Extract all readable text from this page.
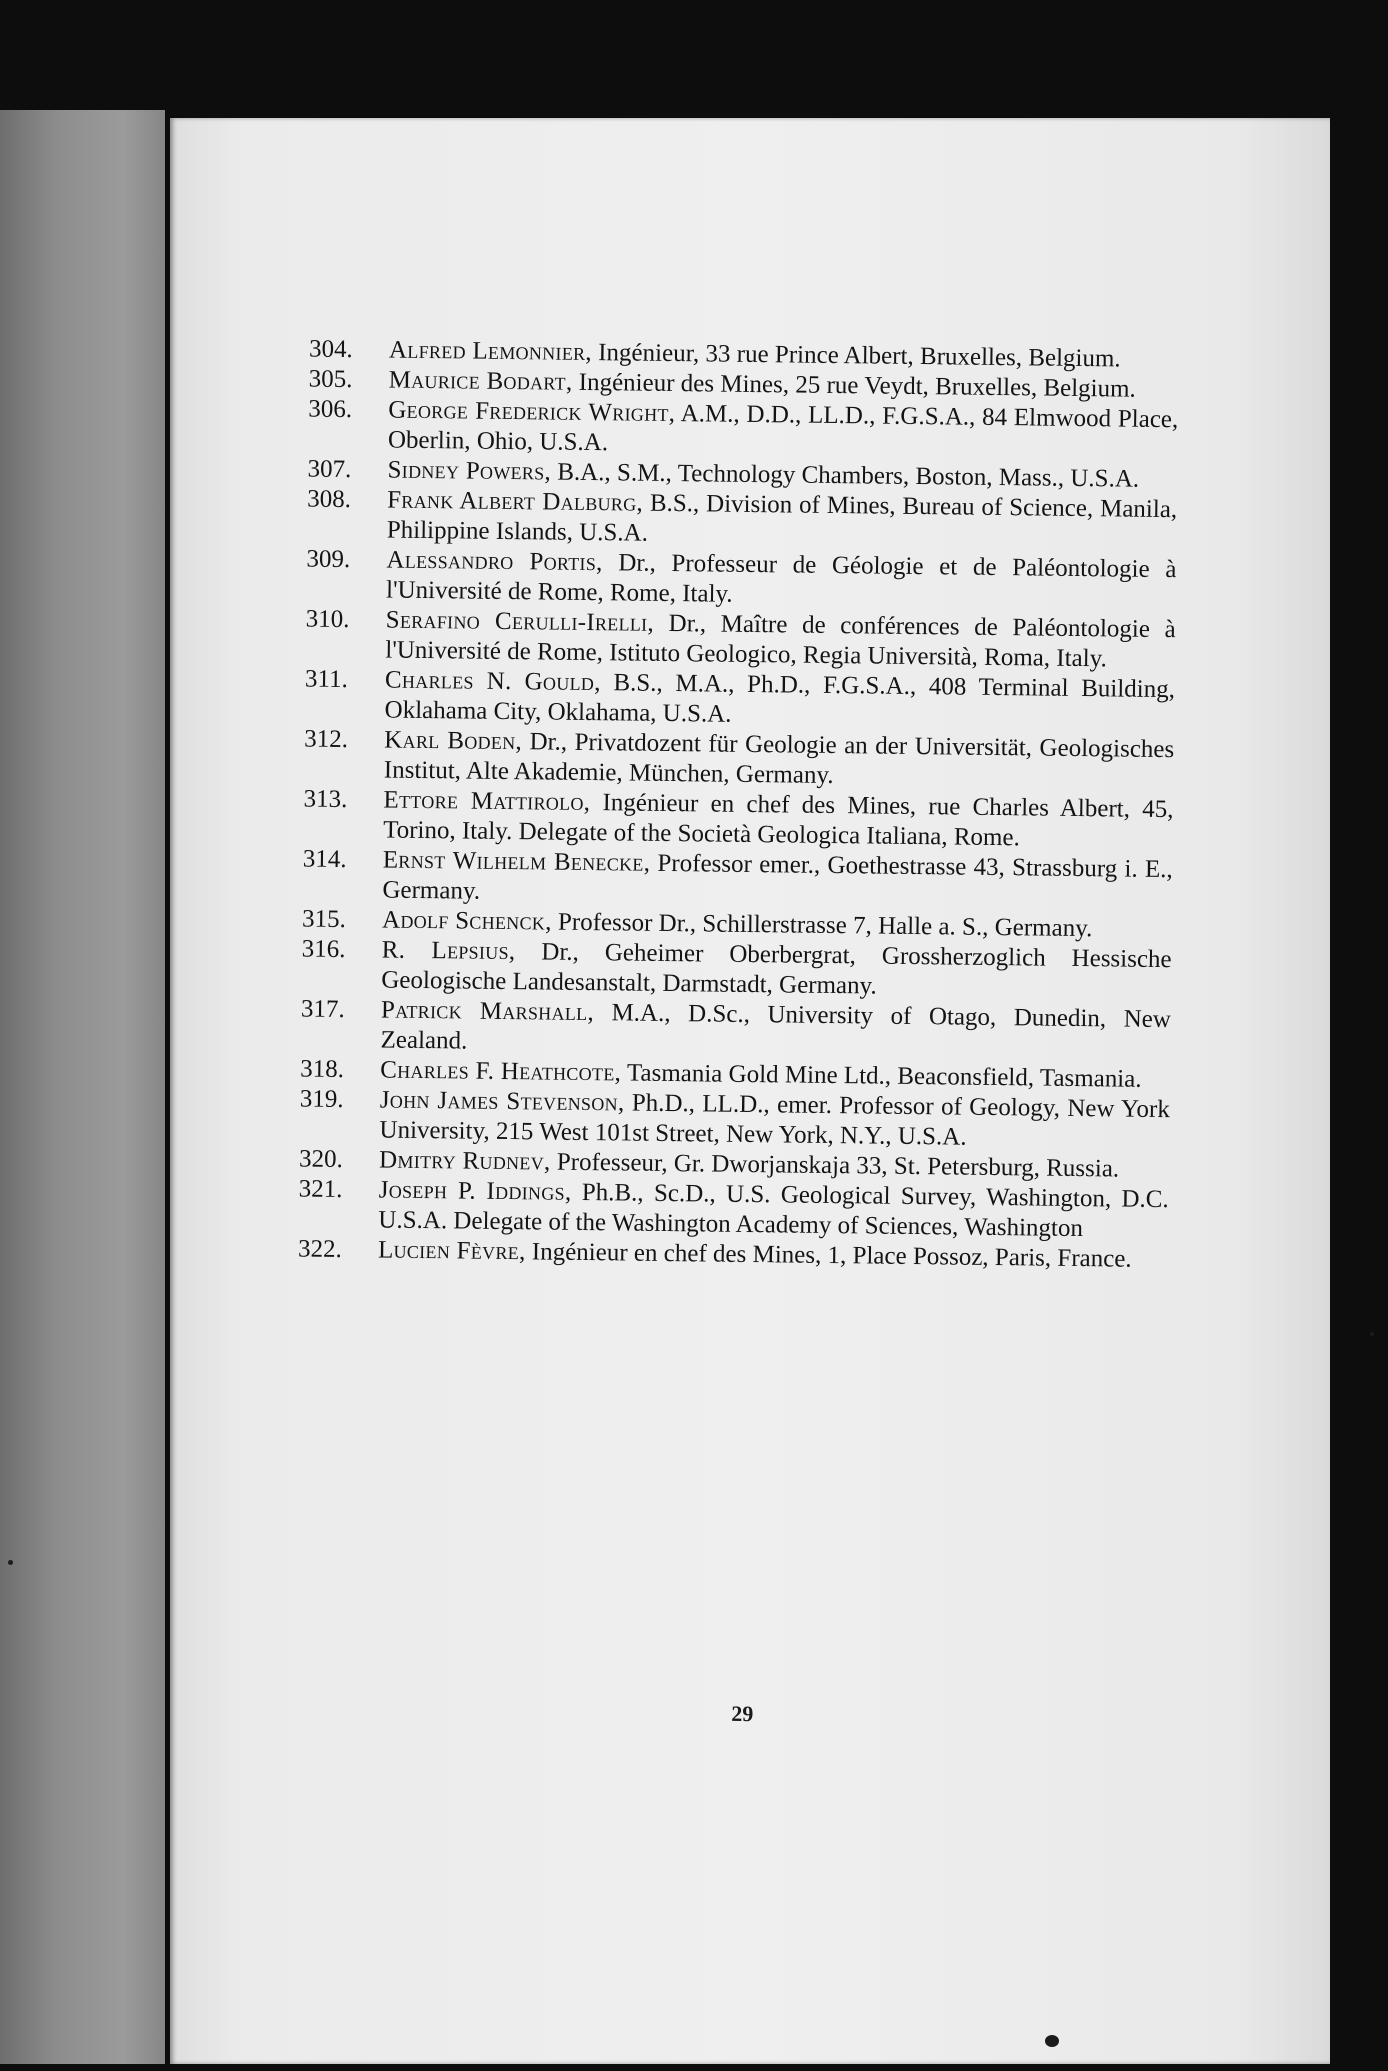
304.	Alfred Lemonnier, Ingénieur, 33 rue Prince Albert, Bruxelles, Belgium.
305.	Maurice Bodart, Ingénieur des Mines, 25 rue Veydt, Bruxelles, Belgium.
306.	George Frederick Wright, A.M., D.D., LL.D., F.G.S.A., 84 Elmwood Place, Oberlin, Ohio, U.S.A.
307.	Sidney Powers, B.A., S.M., Technology Chambers, Boston, Mass., U.S.A.
308.	Frank Albert Dalburg, B.S., Division of Mines, Bureau of Science, Manila, Philippine Islands, U.S.A.
309.	Alessandro Portis, Dr., Professeur de Géologie et de Paléontologie à l'Université de Rome, Rome, Italy.
310.	Serafino Cerulli-Irelli, Dr., Maître de conférences de Paléontologie à l'Université de Rome, Istituto Geologico, Regia Università, Roma, Italy.
311.	Charles N. Gould, B.S., M.A., Ph.D., F.G.S.A., 408 Terminal Building, Oklahama City, Oklahama, U.S.A.
312.	Karl Boden, Dr., Privatdozent für Geologie an der Universität, Geologisches Institut, Alte Akademie, München, Germany.
313.	Ettore Mattirolo, Ingénieur en chef des Mines, rue Charles Albert, 45, Torino, Italy. Delegate of the Società Geologica Italiana, Rome.
314.	Ernst Wilhelm Benecke, Professor emer., Goethestrasse 43, Strassburg i. E., Germany.
315.	Adolf Schenck, Professor Dr., Schillerstrasse 7, Halle a. S., Germany.
316.	R. Lepsius, Dr., Geheimer Oberbergrat, Grossherzoglich Hessische Geologische Landesanstalt, Darmstadt, Germany.
317.	Patrick Marshall, M.A., D.Sc., University of Otago, Dunedin, New Zealand.
318.	Charles F. Heathcote, Tasmania Gold Mine Ltd., Beaconsfield, Tasmania.
319.	John James Stevenson, Ph.D., LL.D., emer. Professor of Geology, New York University, 215 West 101st Street, New York, N.Y., U.S.A.
320.	Dmitry Rudnev, Professeur, Gr. Dworjanskaja 33, St. Petersburg, Russia.
321.	Joseph P. Iddings, Ph.B., Sc.D., U.S. Geological Survey, Washington, D.C. U.S.A. Delegate of the Washington Academy of Sciences, Washington
322.	Lucien Fèvre, Ingénieur en chef des Mines, 1, Place Possoz, Paris, France.
29
